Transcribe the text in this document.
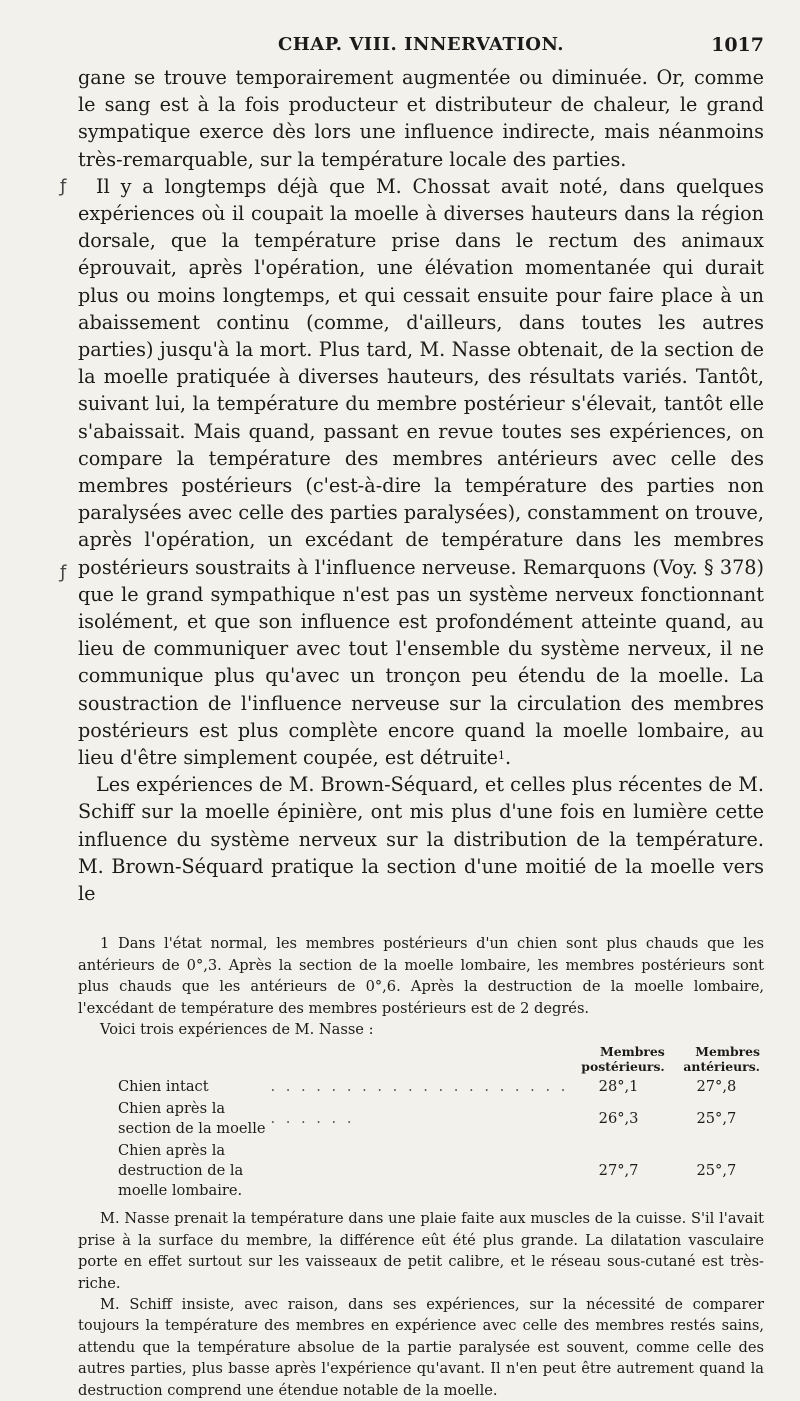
ƒ
ƒ
CHAP. VIII. INNERVATION.	1017

gane se trouve temporairement augmentée ou diminuée. Or, comme le sang est à la fois producteur et distributeur de chaleur, le grand sympatique exerce dès lors une influence indirecte, mais néanmoins très-remarquable, sur la température locale des parties.

Il y a longtemps déjà que M. Chossat avait noté, dans quelques expériences où il coupait la moelle à diverses hauteurs dans la région dorsale, que la température prise dans le rectum des animaux éprouvait, après l'opération, une élévation momentanée qui durait plus ou moins longtemps, et qui cessait ensuite pour faire place à un abaissement continu (comme, d'ailleurs, dans toutes les autres parties) jusqu'à la mort. Plus tard, M. Nasse obtenait, de la section de la moelle pratiquée à diverses hauteurs, des résultats variés. Tantôt, suivant lui, la température du membre postérieur s'élevait, tantôt elle s'abaissait. Mais quand, passant en revue toutes ses expériences, on compare la température des membres antérieurs avec celle des membres postérieurs (c'est-à-dire la température des parties non paralysées avec celle des parties paralysées), constamment on trouve, après l'opération, un excédant de température dans les membres postérieurs soustraits à l'influence nerveuse. Remarquons (Voy. § 378) que le grand sympathique n'est pas un système nerveux fonctionnant isolément, et que son influence est profondément atteinte quand, au lieu de communiquer avec tout l'ensemble du système nerveux, il ne communique plus qu'avec un tronçon peu étendu de la moelle. La soustraction de l'influence nerveuse sur la circulation des membres postérieurs est plus complète encore quand la moelle lombaire, au lieu d'être simplement coupée, est détruite$^1$.

Les expériences de M. Brown-Séquard, et celles plus récentes de M. Schiff sur la moelle épinière, ont mis plus d'une fois en lumière cette influence du système nerveux sur la distribution de la température. M. Brown-Séquard pratique la section d'une moitié de la moelle vers le

1 Dans l'état normal, les membres postérieurs d'un chien sont plus chauds que les antérieurs de 0°,3. Après la section de la moelle lombaire, les membres postérieurs sont plus chauds que les antérieurs de 0°,6. Après la destruction de la moelle lombaire, l'excédant de température des membres postérieurs est de 2 degrés.

Voici trois expériences de M. Nasse :

		Membres postérieurs.	Membres antérieurs.
Chien intact	. . . . . . . . . . . . . . . . . . . .	28°,1	27°,8
Chien après la section de la moelle	. . . . . .	26°,3	25°,7
Chien après la destruction de la moelle lombaire.		27°,7	25°,7

M. Nasse prenait la température dans une plaie faite aux muscles de la cuisse. S'il l'avait prise à la surface du membre, la différence eût été plus grande. La dilatation vasculaire porte en effet surtout sur les vaisseaux de petit calibre, et le réseau sous-cutané est très-riche.

M. Schiff insiste, avec raison, dans ses expériences, sur la nécessité de comparer toujours la température des membres en expérience avec celle des membres restés sains, attendu que la température absolue de la partie paralysée est souvent, comme celle des autres parties, plus basse après l'expérience qu'avant. Il n'en peut être autrement quand la destruction comprend une étendue notable de la moelle.
